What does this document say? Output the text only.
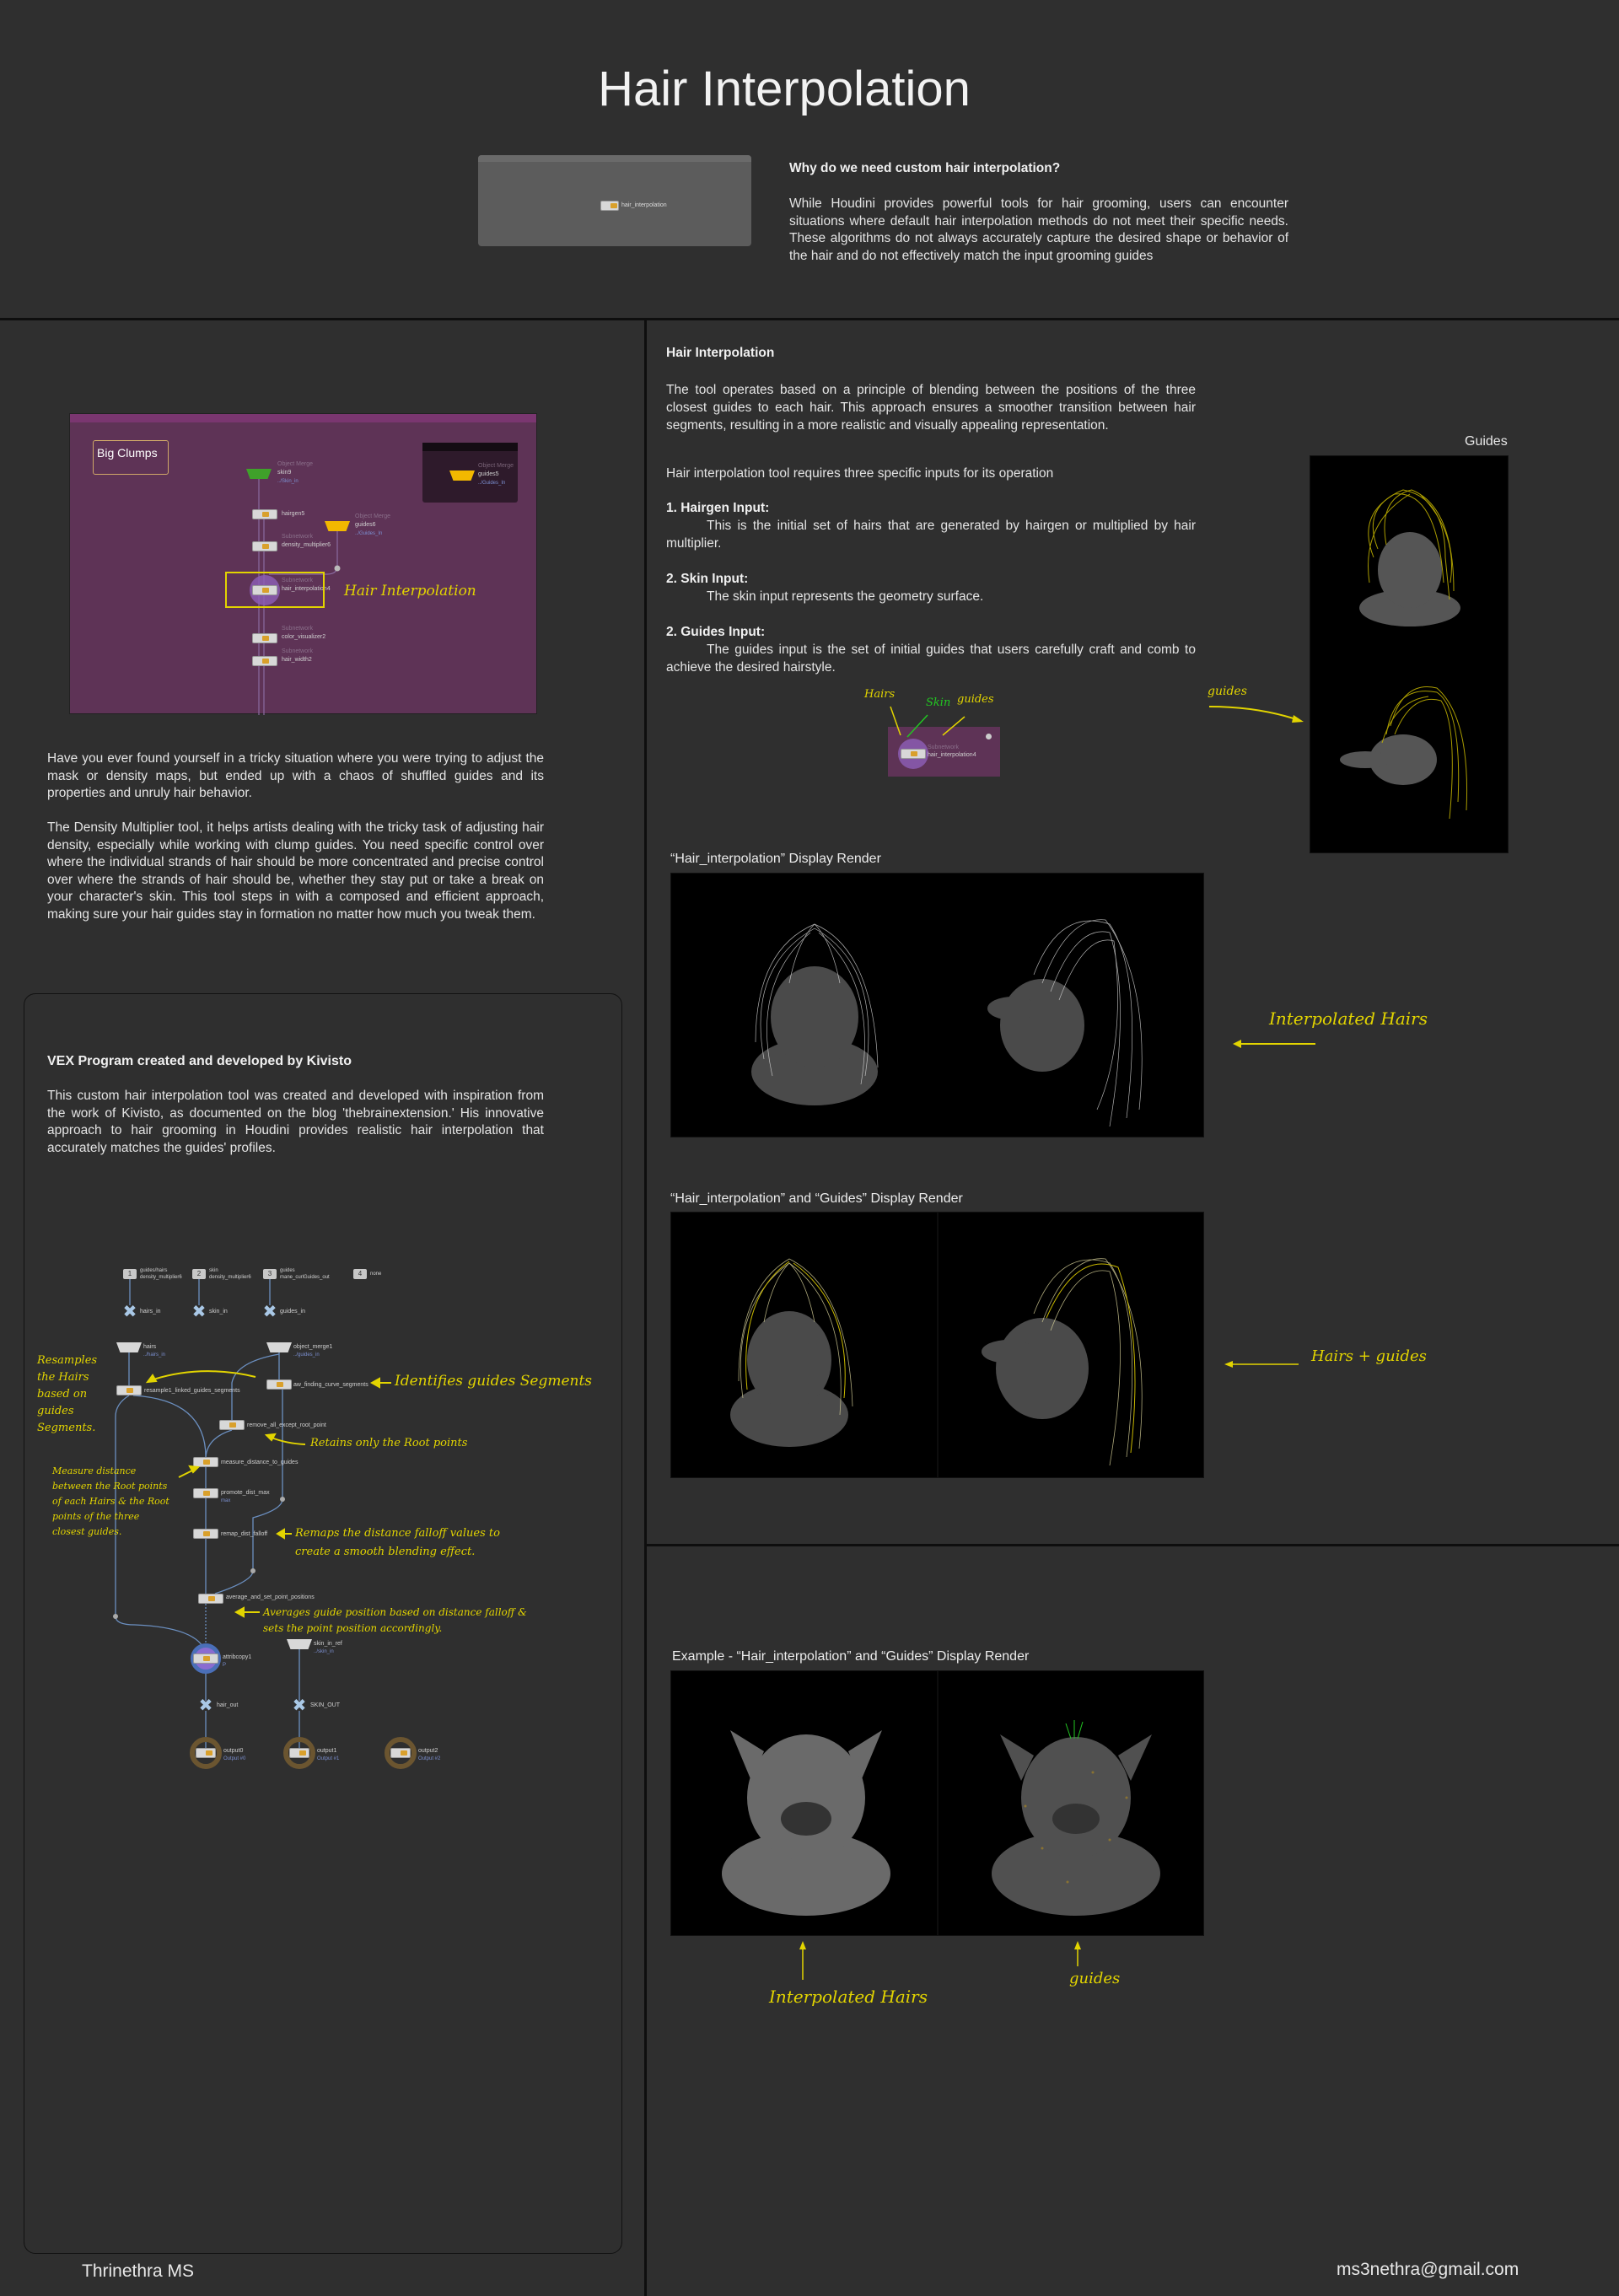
Hair Interpolation
hair_interpolation
Why do we need custom hair interpolation?
While Houdini provides powerful tools for hair grooming, users can encounter situations where default hair interpolation methods do not meet their specific needs. These algorithms do not always accurately capture the desired shape or behavior of the hair and do not effectively match the input grooming guides
Big Clumps
Object Merge
skin9
../Skin_in
hairgen5	Object Merge
guides6
../Guides_In
Subnetwork
density_multiplier6
Subnetwork
hair_interpolation4 Hair Interpolation
Subnetwork
color_visualizer2
Subnetwork
hair_width2
Object Merge
guides5
../Guides_In
Have you ever found yourself in a tricky situation where you were trying to adjust the mask or density maps, but ended up with a chaos of shuffled guides and its properties and unruly hair behavior.
The Density Multiplier tool, it helps artists dealing with the tricky task of adjusting hair density, especially while working with clump guides. You need specific control over where the individual strands of hair should be more concentrated and precise control over where the strands of hair should be, whether they stay put or take a break on your character's skin. This tool steps in with a composed and efficient approach, making sure your hair guides stay in formation no matter how much you tweak them.
VEX Program created and developed by Kivisto
This custom hair interpolation tool was created and developed with inspiration from the work of Kivisto, as documented on the blog 'thebrainextension.' His innovative approach to hair grooming in Houdini provides realistic hair interpolation that accurately matches the guides' profiles.
1	guides/hairs
density_multiplier6	2	skin
density_multiplier6	3	guides
mane_curlGuides_out	4	none
✖ hairs_in ✖ skin_in ✖ guides_in
hairs
../hairs_in
object_merge1
../guides_in
resample1_linked_guides_segments
aw_finding_curve_segments
remove_all_except_root_point
measure_distance_to_guides
promote_dist_max
max
remap_dist_falloff
average_and_set_point_positions
skin_in_ref
../skin_in
attribcopy1
P
✖ hair_out	✖ SKIN_OUT
output0
Output #0
output1
Output #1
output2
Output #2
Resamples the Hairs based on guides Segments.
Identifies guides Segments
Retains only the Root points
Measure distance between the Root points of each Hairs & the Root points of the three closest guides.	Remaps the distance falloff values to create a smooth blending effect.
Averages guide position based on distance falloff & sets the point position accordingly.
Hair Interpolation
The tool operates based on a principle of blending between the positions of the three closest guides to each hair. This approach ensures a smoother transition between hair segments, resulting in a more realistic and visually appealing representation.
Hair interpolation tool requires three specific inputs for its operation
1. Hairgen Input:
This is the initial set of hairs that are generated by hairgen or multiplied by hair multiplier.
2. Skin Input:
The skin input represents the geometry surface.
2. Guides Input:
The guides input is the set of initial guides that users carefully craft and comb to achieve the desired hairstyle.
Subnetwork
hair_interpolation4
Hairs
Skin guides
Guides
guides
“Hair_interpolation” Display Render
Interpolated Hairs
“Hair_interpolation” and “Guides” Display Render
Hairs + guides
Example - “Hair_interpolation” and “Guides” Display Render
Interpolated Hairs
guides
Thrinethra MS	ms3nethra@gmail.com
